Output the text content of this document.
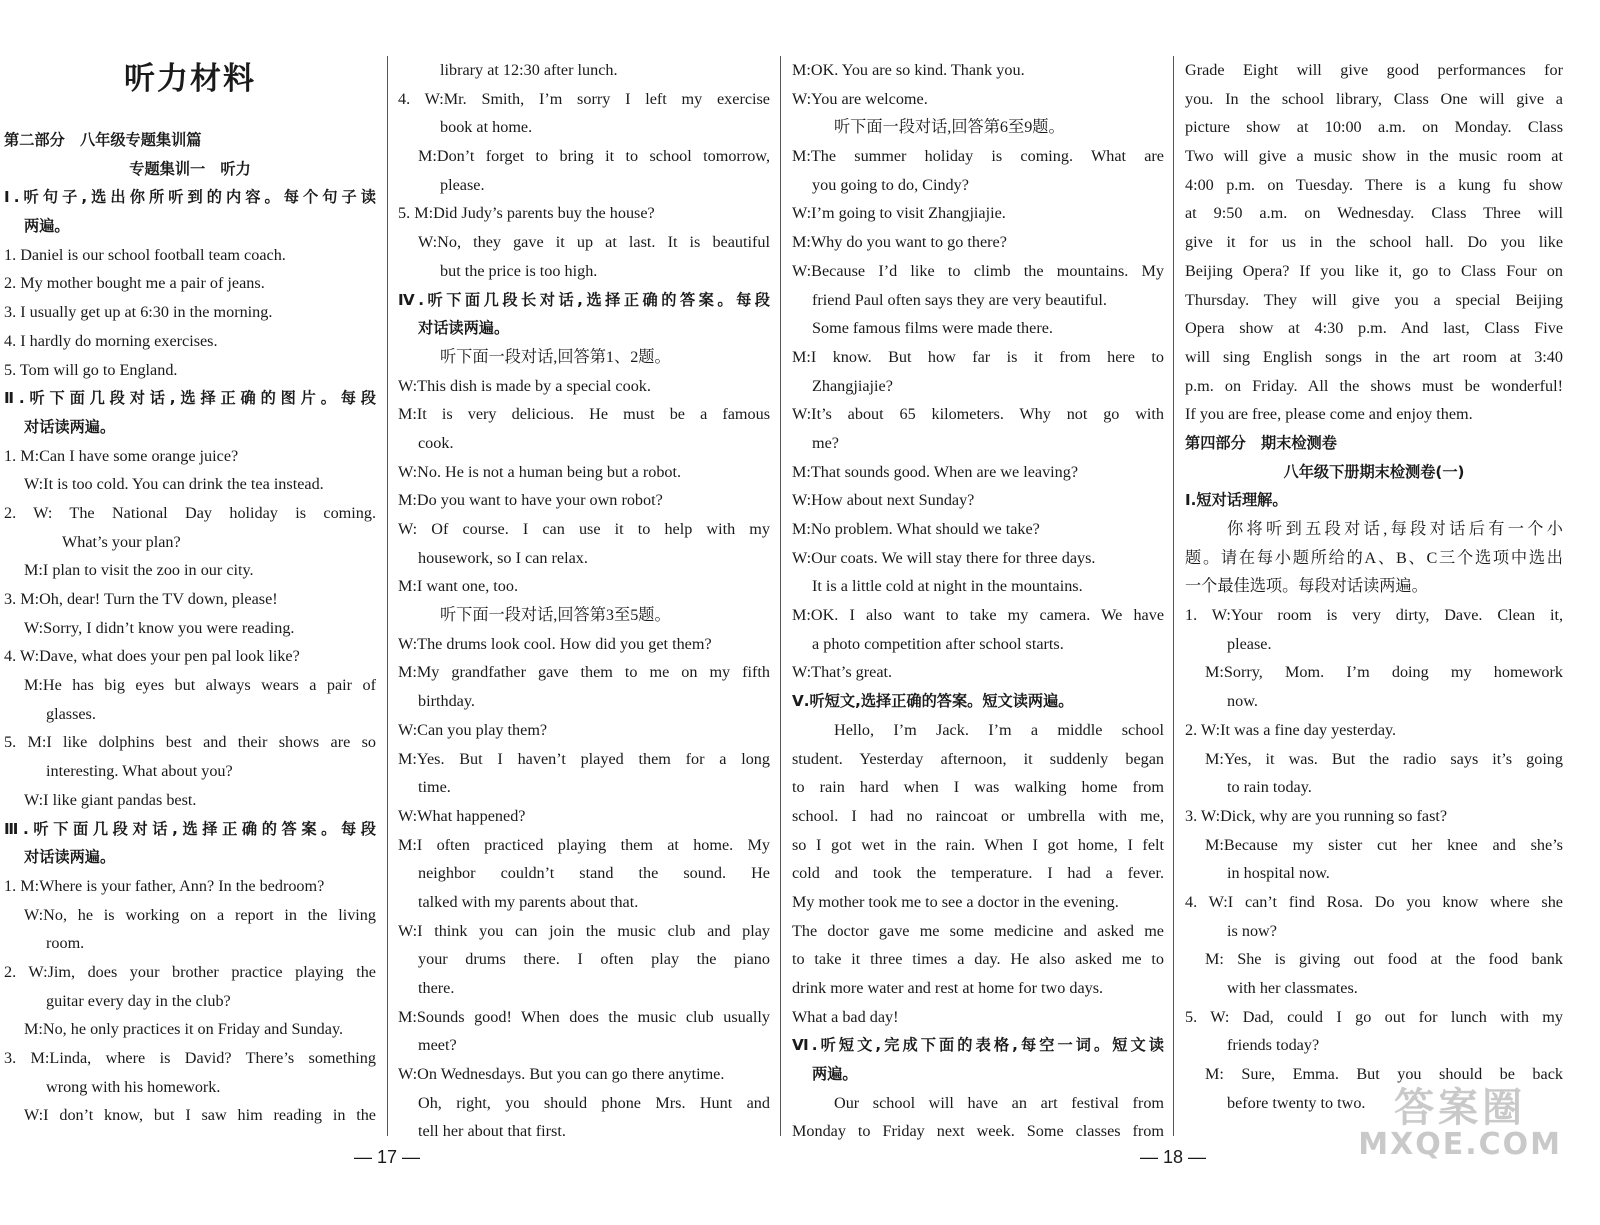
听力材料
第二部分　八年级专题集训篇
专题集训一　听力
Ⅰ.听句子,选出你所听到的内容。每个句子读
两遍。
1. Daniel is our school football team coach.
2. My mother bought me a pair of jeans.
3. I usually get up at 6:30 in the morning.
4. I hardly do morning exercises.
5. Tom will go to England.
Ⅱ.听下面几段对话,选择正确的图片。每段
对话读两遍。
1. M:Can I have some orange juice?
W:It is too cold. You can drink the tea instead.
2. W: The National Day holiday is coming.
What’s your plan?
M:I plan to visit the zoo in our city.
3. M:Oh, dear! Turn the TV down, please!
W:Sorry, I didn’t know you were reading.
4. W:Dave, what does your pen pal look like?
M:He has big eyes but always wears a pair of
glasses.
5. M:I like dolphins best and their shows are so
interesting. What about you?
W:I like giant pandas best.
Ⅲ.听下面几段对话,选择正确的答案。每段
对话读两遍。
1. M:Where is your father, Ann? In the bedroom?
W:No, he is working on a report in the living
room.
2. W:Jim, does your brother practice playing the
guitar every day in the club?
M:No, he only practices it on Friday and Sunday.
3. M:Linda, where is David? There’s something
wrong with his homework.
W:I don’t know, but I saw him reading in the
library at 12:30 after lunch.
4. W:Mr. Smith, I’m sorry I left my exercise
book at home.
M:Don’t forget to bring it to school tomorrow,
please.
5. M:Did Judy’s parents buy the house?
W:No, they gave it up at last. It is beautiful
but the price is too high.
Ⅳ.听下面几段长对话,选择正确的答案。每段
对话读两遍。
听下面一段对话,回答第1、2题。
W:This dish is made by a special cook.
M:It is very delicious. He must be a famous
cook.
W:No. He is not a human being but a robot.
M:Do you want to have your own robot?
W: Of course. I can use it to help with my
housework, so I can relax.
M:I want one, too.
听下面一段对话,回答第3至5题。
W:The drums look cool. How did you get them?
M:My grandfather gave them to me on my fifth
birthday.
W:Can you play them?
M:Yes. But I haven’t played them for a long
time.
W:What happened?
M:I often practiced playing them at home. My
neighbor couldn’t stand the sound. He
talked with my parents about that.
W:I think you can join the music club and play
your drums there. I often play the piano
there.
M:Sounds good! When does the music club usually
meet?
W:On Wednesdays. But you can go there anytime.
Oh, right, you should phone Mrs. Hunt and
tell her about that first.
M:OK. You are so kind. Thank you.
W:You are welcome.
听下面一段对话,回答第6至9题。
M:The summer holiday is coming. What are
you going to do, Cindy?
W:I’m going to visit Zhangjiajie.
M:Why do you want to go there?
W:Because I’d like to climb the mountains. My
friend Paul often says they are very beautiful.
Some famous films were made there.
M:I know. But how far is it from here to
Zhangjiajie?
W:It’s about 65 kilometers. Why not go with
me?
M:That sounds good. When are we leaving?
W:How about next Sunday?
M:No problem. What should we take?
W:Our coats. We will stay there for three days.
It is a little cold at night in the mountains.
M:OK. I also want to take my camera. We have
a photo competition after school starts.
W:That’s great.
Ⅴ.听短文,选择正确的答案。短文读两遍。
Hello, I’m Jack. I’m a middle school
student. Yesterday afternoon, it suddenly began
to rain hard when I was walking home from
school. I had no raincoat or umbrella with me,
so I got wet in the rain. When I got home, I felt
cold and took the temperature. I had a fever.
My mother took me to see a doctor in the evening.
The doctor gave me some medicine and asked me
to take it three times a day. He also asked me to
drink more water and rest at home for two days.
What a bad day!
Ⅵ.听短文,完成下面的表格,每空一词。短文读
两遍。
Our school will have an art festival from
Monday to Friday next week. Some classes from
Grade Eight will give good performances for
you. In the school library, Class One will give a
picture show at 10:00 a.m. on Monday. Class
Two will give a music show in the music room at
4:00 p.m. on Tuesday. There is a kung fu show
at 9:50 a.m. on Wednesday. Class Three will
give it for us in the school hall. Do you like
Beijing Opera? If you like it, go to Class Four on
Thursday. They will give you a special Beijing
Opera show at 4:30 p.m. And last, Class Five
will sing English songs in the art room at 3:40
p.m. on Friday. All the shows must be wonderful!
If you are free, please come and enjoy them.
第四部分　期末检测卷
八年级下册期末检测卷(一)
Ⅰ.短对话理解。
你将听到五段对话,每段对话后有一个小
题。请在每小题所给的A、B、C三个选项中选出
一个最佳选项。每段对话读两遍。
1. W:Your room is very dirty, Dave. Clean it,
please.
M:Sorry, Mom. I’m doing my homework
now.
2. W:It was a fine day yesterday.
M:Yes, it was. But the radio says it’s going
to rain today.
3. W:Dick, why are you running so fast?
M:Because my sister cut her knee and she’s
in hospital now.
4. W:I can’t find Rosa. Do you know where she
is now?
M: She is giving out food at the food bank
with her classmates.
5. W: Dad, could I go out for lunch with my
friends today?
M: Sure, Emma. But you should be back
before twenty to two.
— 17 —	— 18 —
答案圈
MXQE.COM
